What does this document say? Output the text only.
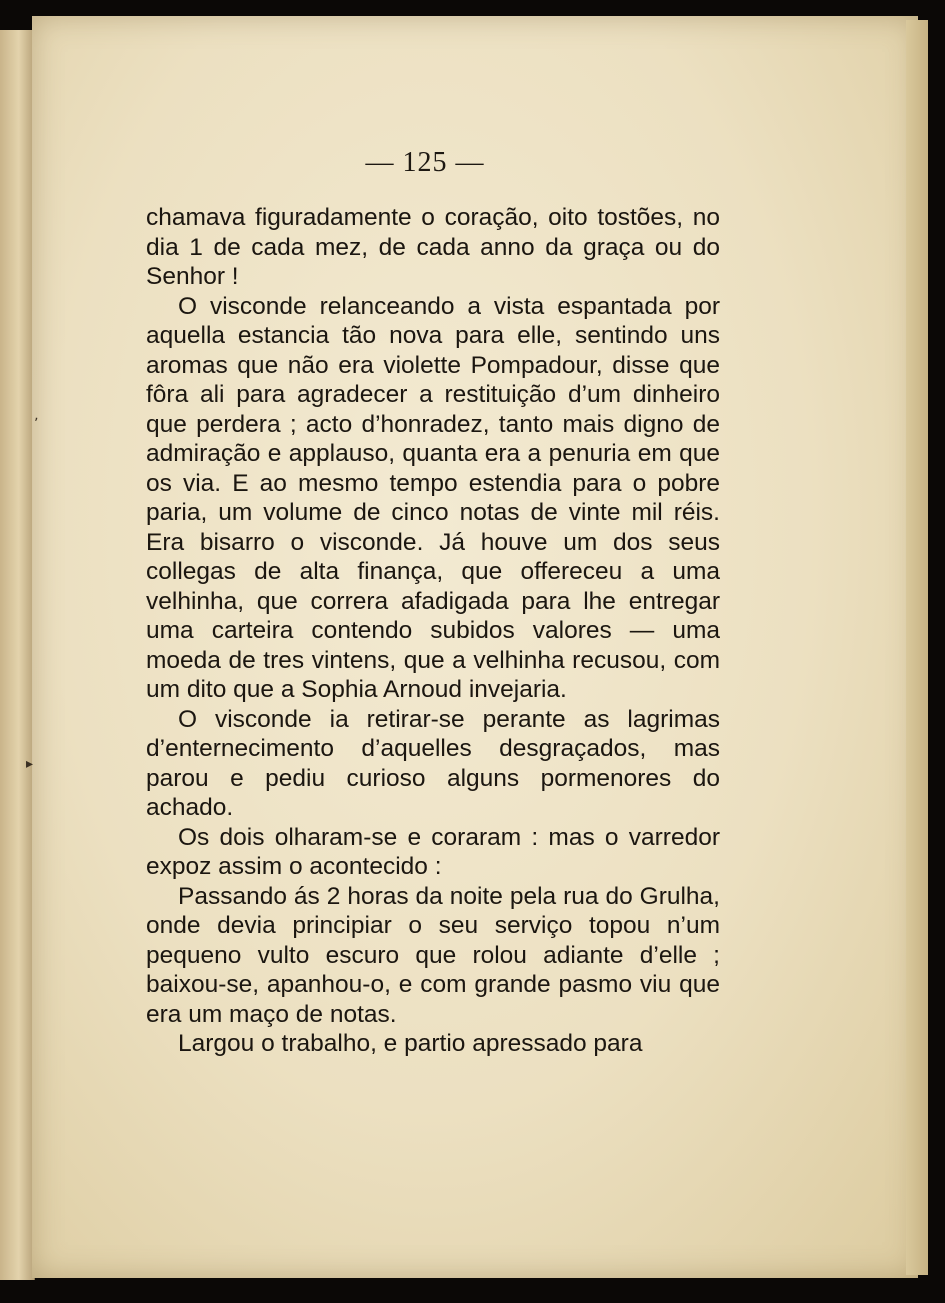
ʼ
▸

— 125 —

chamava figuradamente o coração, oito tostões, no dia 1 de cada mez, de cada anno da graça ou do Senhor !

O visconde relanceando a vista espantada por aquella estancia tão nova para elle, sentindo uns aromas que não era violette Pompadour, disse que fôra ali para agradecer a restituição d’um dinheiro que perdera ; acto d’honradez, tanto mais digno de admiração e applauso, quanta era a penuria em que os via. E ao mesmo tempo estendia para o pobre paria, um volume de cinco notas de vinte mil réis. Era bisarro o visconde. Já houve um dos seus collegas de alta finança, que offereceu a uma velhinha, que correra afadigada para lhe entregar uma carteira contendo subidos valores — uma moeda de tres vintens, que a velhinha recusou, com um dito que a Sophia Arnoud invejaria.

O visconde ia retirar-se perante as lagrimas d’enternecimento d’aquelles desgraçados, mas parou e pediu curioso alguns pormenores do achado.

Os dois olharam-se e coraram : mas o varredor expoz assim o acontecido :

Passando ás 2 horas da noite pela rua do Grulha, onde devia principiar o seu serviço topou n’um pequeno vulto escuro que rolou adiante d’elle ; baixou-se, apanhou-o, e com grande pasmo viu que era um maço de notas.

Largou o trabalho, e partio apressado para
